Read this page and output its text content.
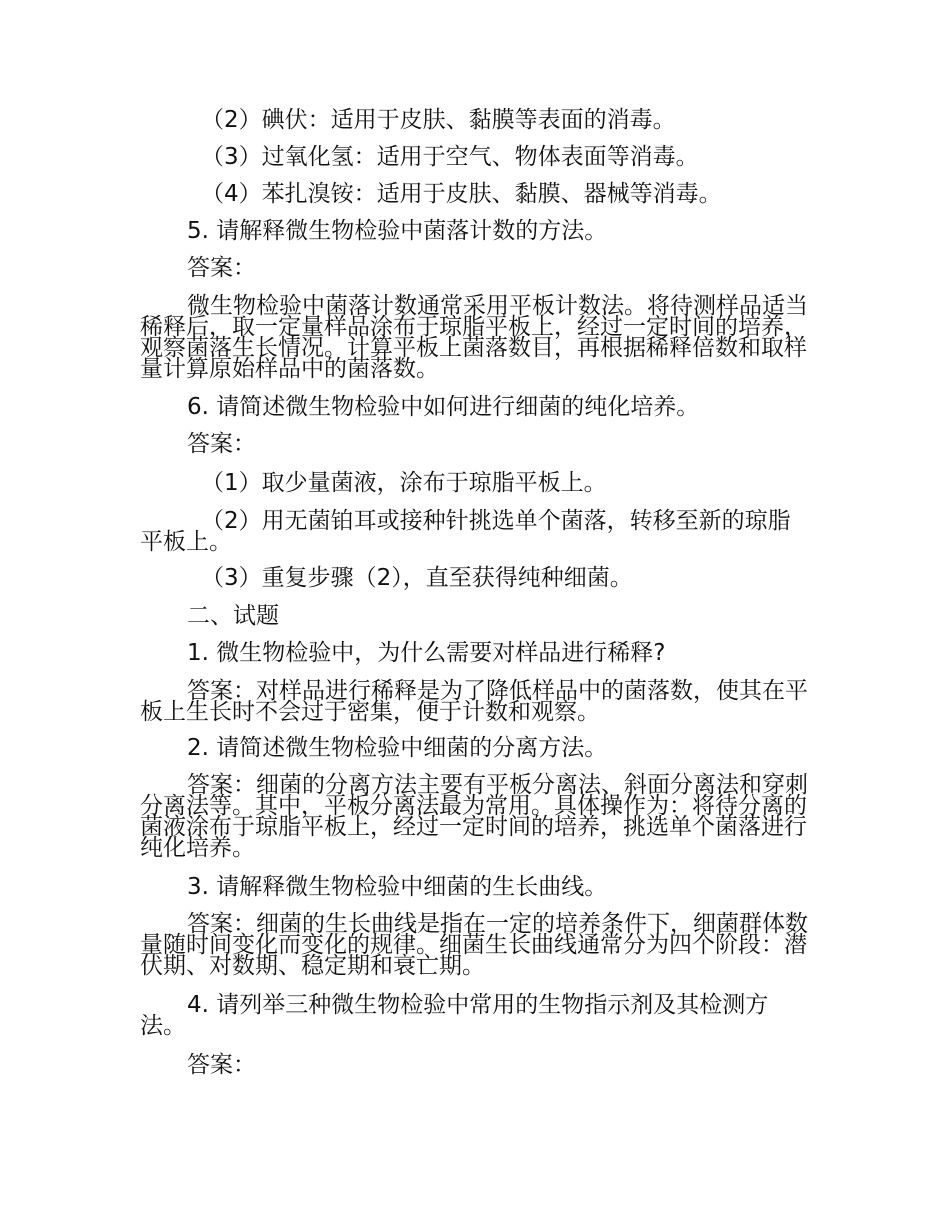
（2）碘伏：适用于皮肤、黏膜等表面的消毒。

（3）过氧化氢：适用于空气、物体表面等消毒。

（4）苯扎溴铵：适用于皮肤、黏膜、器械等消毒。

5. 请解释微生物检验中菌落计数的方法。

答案：

微生物检验中菌落计数通常采用平板计数法。将待测样品适当稀释后，取一定量样品涂布于琼脂平板上，经过一定时间的培养，观察菌落生长情况。计算平板上菌落数目，再根据稀释倍数和取样量计算原始样品中的菌落数。

6. 请简述微生物检验中如何进行细菌的纯化培养。

答案：

（1）取少量菌液，涂布于琼脂平板上。

（2）用无菌铂耳或接种针挑选单个菌落，转移至新的琼脂平板上。

（3）重复步骤（2），直至获得纯种细菌。

二、试题

1. 微生物检验中，为什么需要对样品进行稀释?

答案：对样品进行稀释是为了降低样品中的菌落数，使其在平板上生长时不会过于密集，便于计数和观察。

2. 请简述微生物检验中细菌的分离方法。

答案：细菌的分离方法主要有平板分离法、斜面分离法和穿刺分离法等。其中，平板分离法最为常用。具体操作为：将待分离的菌液涂布于琼脂平板上，经过一定时间的培养，挑选单个菌落进行纯化培养。

3. 请解释微生物检验中细菌的生长曲线。

答案：细菌的生长曲线是指在一定的培养条件下，细菌群体数量随时间变化而变化的规律。细菌生长曲线通常分为四个阶段：潜伏期、对数期、稳定期和衰亡期。

4. 请列举三种微生物检验中常用的生物指示剂及其检测方法。

答案：
